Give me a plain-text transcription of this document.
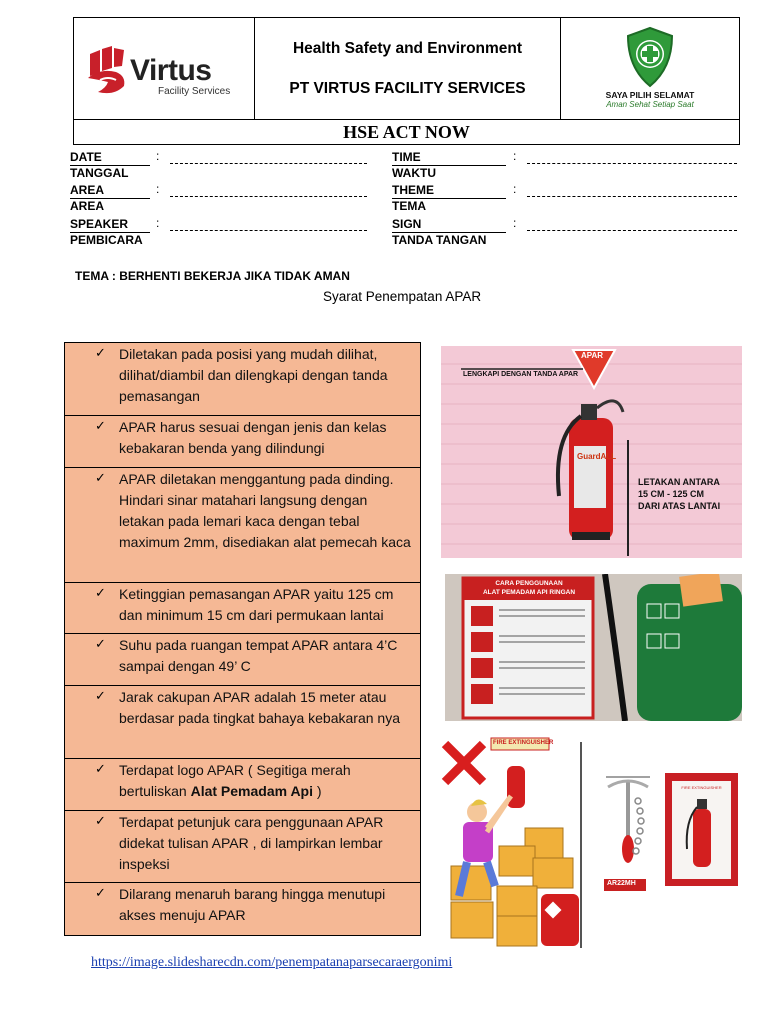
Virtus
Facility Services
Health Safety and Environment
PT VIRTUS FACILITY SERVICES	SAYA PILIH SELAMAT
Aman Sehat Setiap Saat
HSE ACT NOW
DATE
TANGGAL
:
AREA
AREA
:
SPEAKER
PEMBICARA
:
TIME
WAKTU
:
THEME
TEMA
:
SIGN
TANDA TANGAN
:
TEMA : BERHENTI BEKERJA JIKA TIDAK AMAN
Syarat Penempatan APAR
✓ Diletakan pada posisi yang mudah dilihat, dilihat/diambil dan dilengkapi dengan tanda pemasangan
✓ APAR harus sesuai dengan jenis dan kelas kebakaran benda yang dilindungi
✓ APAR diletakan menggantung pada dinding. Hindari sinar matahari langsung dengan letakan pada lemari kaca dengan tebal maximum 2mm, disediakan alat pemecah kaca
✓ Ketinggian pemasangan APAR yaitu 125 cm dan minimum 15 cm dari permukaan lantai
✓ Suhu pada ruangan tempat APAR antara 4’C sampai dengan 49’ C
✓ Jarak cakupan APAR adalah 15 meter atau berdasar pada tingkat bahaya kebakaran nya
✓ Terdapat logo APAR ( Segitiga merah bertuliskan Alat Pemadam Api )
✓ Terdapat petunjuk cara penggunaan APAR didekat tulisan APAR , di lampirkan lembar inspeksi
✓ Dilarang menaruh barang hingga menutupi akses menuju APAR
APAR
LENGKAPI DENGAN TANDA APAR
GuardALL
LETAKAN ANTARA
15 CM - 125 CM
DARI ATAS LANTAI
CARA PENGGUNAAN
ALAT PEMADAM API RINGAN
FIRE EXTINGUISHER
AR22MH
FIRE EXTINGUISHER
https://image.slidesharecdn.com/penempatanaparsecaraergonimi
